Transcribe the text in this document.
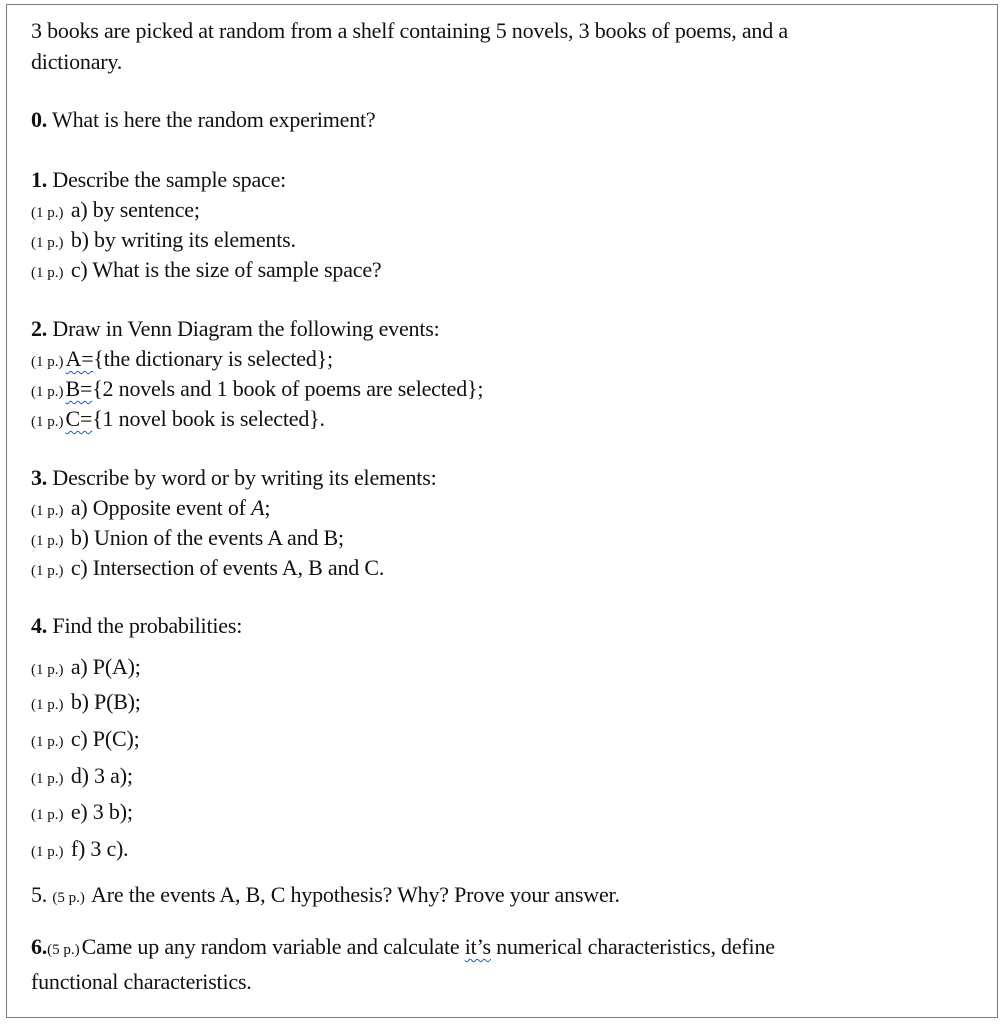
3 books are picked at random from a shelf containing 5 novels, 3 books of poems, and a
dictionary.
0. What is here the random experiment?
1. Describe the sample space:
(1 p.) a) by sentence;
(1 p.) b) by writing its elements.
(1 p.) c) What is the size of sample space?
2. Draw in Venn Diagram the following events:
(1 p.)A={the dictionary is selected};
(1 p.)B={2 novels and 1 book of poems are selected};
(1 p.)C={1 novel book is selected}.
3. Describe by word or by writing its elements:
(1 p.) a) Opposite event of A;
(1 p.) b) Union of the events A and B;
(1 p.) c) Intersection of events A, B and C.
4. Find the probabilities:
(1 p.) a) P(A);
(1 p.) b) P(B);
(1 p.) c) P(C);
(1 p.) d) 3 a);
(1 p.) e) 3 b);
(1 p.) f) 3 c).
5. (5 p.) Are the events A, B, C hypothesis? Why? Prove your answer.
6.(5 p.)Came up any random variable and calculate it’s numerical characteristics, define
functional characteristics.
